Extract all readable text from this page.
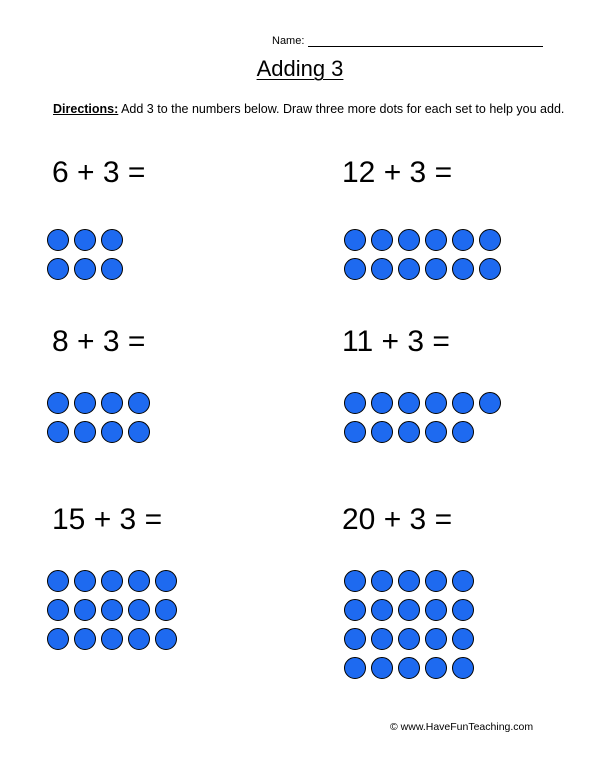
Name:
Adding 3
Directions: Add 3 to the numbers below. Draw three more dots for each set to help you add.
6 + 3 =	12 + 3 =
8 + 3 =	11 + 3 =
15 + 3 =	20 + 3 =
© www.HaveFunTeaching.com
